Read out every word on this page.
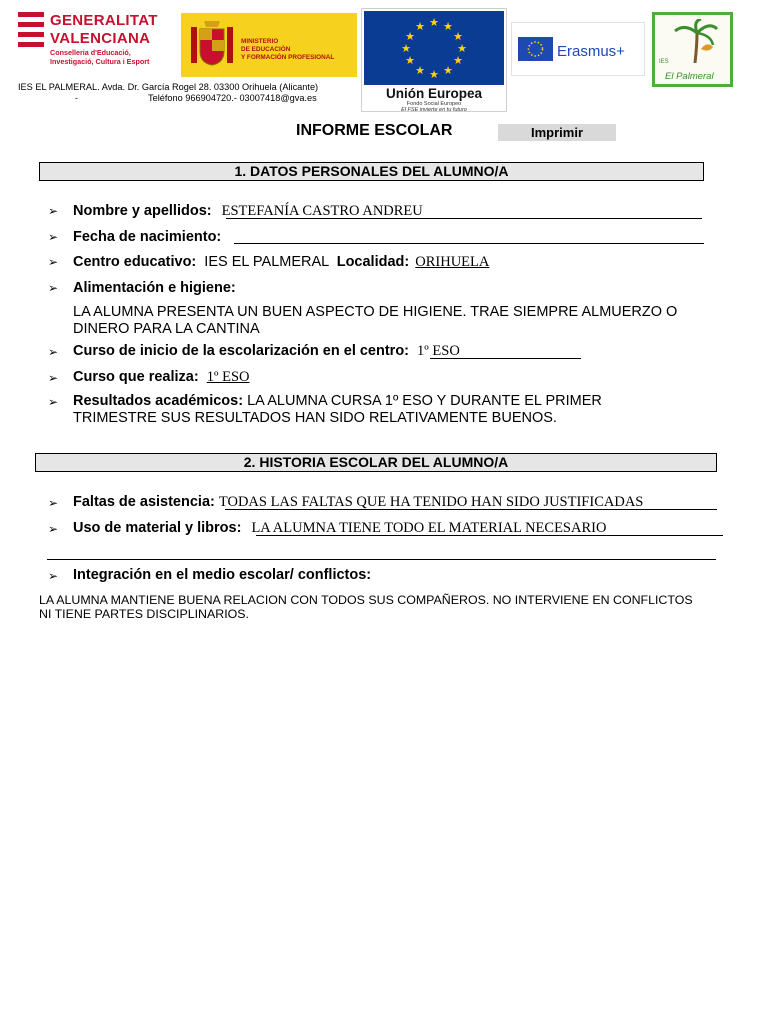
GENERALITAT
VALENCIANA
Conselleria d'Educació,
Investigació, Cultura i Esport
MINISTERIO
DE EDUCACIÓN
Y FORMACIÓN PROFESIONAL
★ ★
★
★
★
★
★
★
★
★
★
★
Unión Europea
Fondo Social Europeo
El FSE invierte en tu futuro
Erasmus+
IES
El Palmeral
IES EL PALMERAL. Avda. Dr. García Rogel 28. 03300 Orihuela (Alicante)
-	Teléfono 966904720.- 03007418@gva.es
INFORME ESCOLAR	Imprimir
1. DATOS PERSONALES DEL ALUMNO/A
➢ Nombre y apellidos: ESTEFANÍA CASTRO ANDREU
➢ Fecha de nacimiento:
➢ Centro educativo: IES EL PALMERAL Localidad: ORIHUELA
➢ Alimentación e higiene:
LA ALUMNA PRESENTA UN BUEN ASPECTO DE HIGIENE. TRAE SIEMPRE ALMUERZO O
DINERO PARA LA CANTINA
➢ Curso de inicio de la escolarización en el centro: 1º ESO
➢ Curso que realiza: 1º ESO
➢ Resultados académicos: LA ALUMNA CURSA 1º ESO Y DURANTE EL PRIMER
TRIMESTRE SUS RESULTADOS HAN SIDO RELATIVAMENTE BUENOS.
2. HISTORIA ESCOLAR DEL ALUMNO/A
➢ Faltas de asistencia: TODAS LAS FALTAS QUE HA TENIDO HAN SIDO JUSTIFICADAS
➢ Uso de material y libros: LA ALUMNA TIENE TODO EL MATERIAL NECESARIO
➢ Integración en el medio escolar/ conflictos:
LA ALUMNA MANTIENE BUENA RELACION CON TODOS SUS COMPAÑEROS. NO INTERVIENE EN CONFLICTOS
NI TIENE PARTES DISCIPLINARIOS.
